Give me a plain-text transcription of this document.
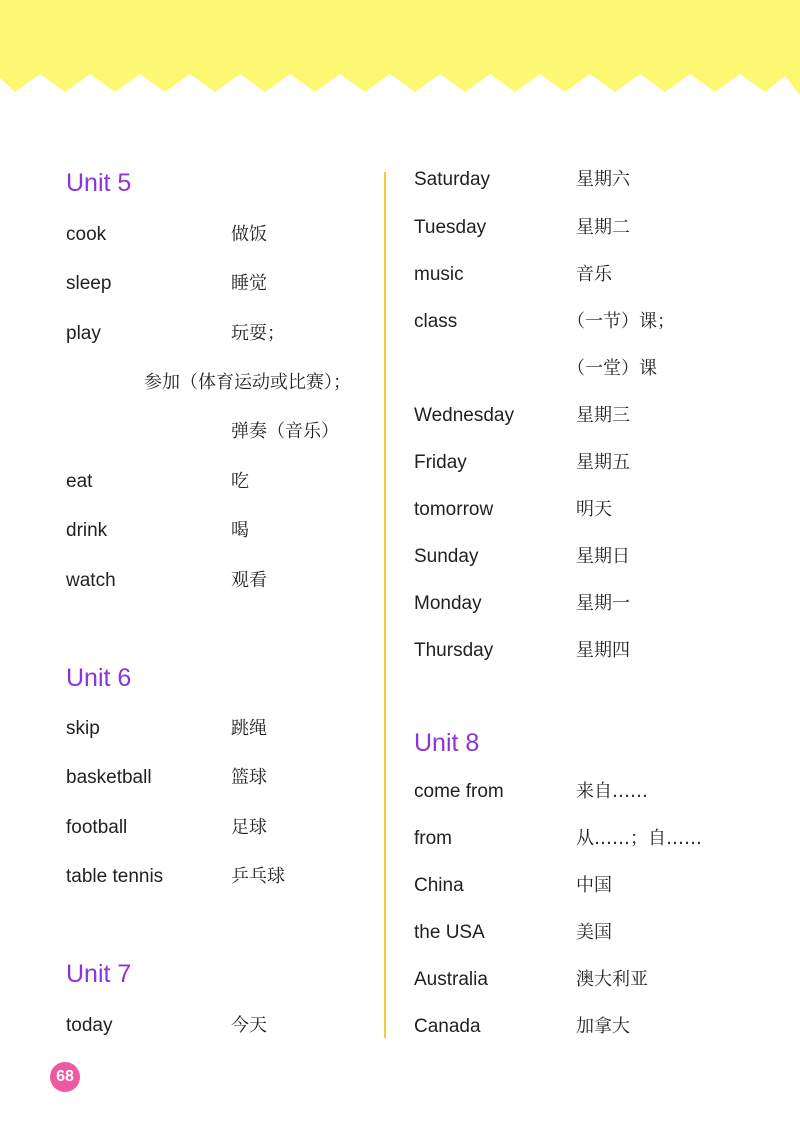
Unit 5
cook	做饭
sleep	睡觉
play	玩耍；
参加（体育运动或比赛）；
弹奏（音乐）
eat	吃
drink	喝
watch	观看
Unit 6
skip	跳绳
basketball	篮球
football	足球
table tennis	乒乓球
Unit 7
today	今天
Saturday	星期六
Tuesday	星期二
music	音乐
class	（一节）课；
（一堂）课
Wednesday	星期三
Friday	星期五
tomorrow	明天
Sunday	星期日
Monday	星期一
Thursday	星期四
Unit 8
come from	来自……
from	从……；自……
China	中国
the USA	美国
Australia	澳大利亚
Canada	加拿大
68
